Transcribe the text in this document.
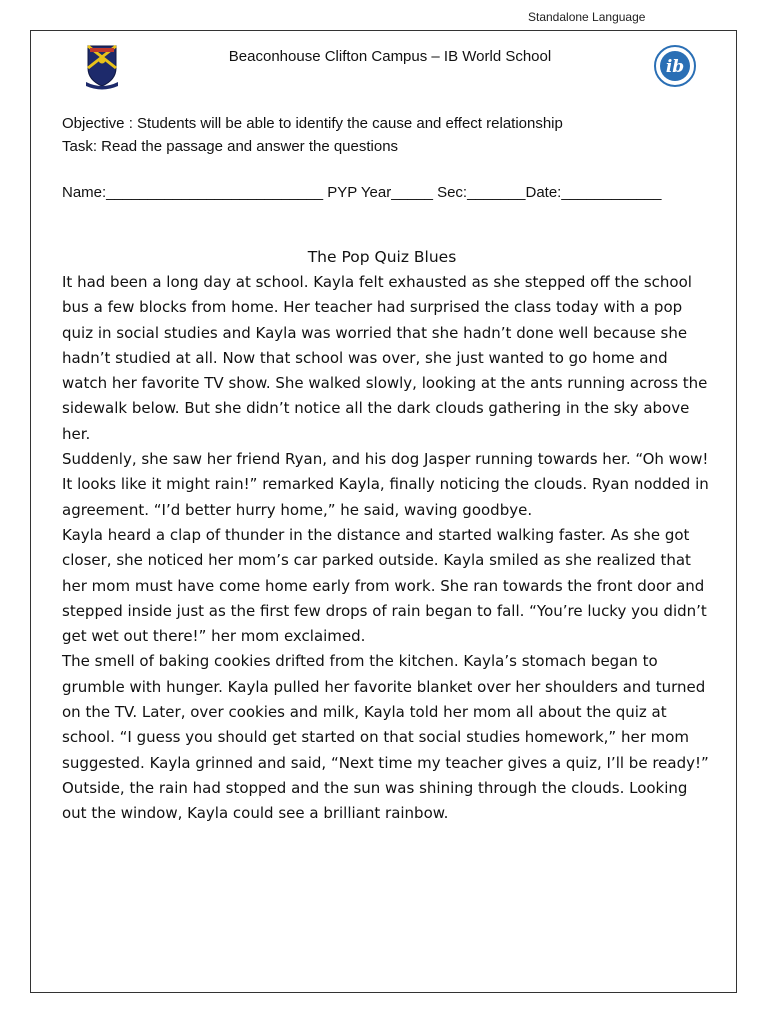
Standalone Language
Beaconhouse Clifton Campus – IB World School
ib
Objective : Students will be able to identify the cause and effect relationship
Task: Read the passage and answer the questions
Name:__________________________ PYP Year_____ Sec:_______Date:____________
The Pop Quiz Blues

It had been a long day at school. Kayla felt exhausted as she stepped off the school bus a few blocks from home. Her teacher had surprised the class today with a pop quiz in social studies and Kayla was worried that she hadn’t done well because she hadn’t studied at all. Now that school was over, she just wanted to go home and watch her favorite TV show. She walked slowly, looking at the ants running across the sidewalk below. But she didn’t notice all the dark clouds gathering in the sky above her.

Suddenly, she saw her friend Ryan, and his dog Jasper running towards her. “Oh wow! It looks like it might rain!” remarked Kayla, finally noticing the clouds. Ryan nodded in agreement. “I’d better hurry home,” he said, waving goodbye.

Kayla heard a clap of thunder in the distance and started walking faster. As she got closer, she noticed her mom’s car parked outside. Kayla smiled as she realized that her mom must have come home early from work. She ran towards the front door and stepped inside just as the first few drops of rain began to fall. “You’re lucky you didn’t get wet out there!” her mom exclaimed.

The smell of baking cookies drifted from the kitchen. Kayla’s stomach began to grumble with hunger. Kayla pulled her favorite blanket over her shoulders and turned on the TV. Later, over cookies and milk, Kayla told her mom all about the quiz at school. “I guess you should get started on that social studies homework,” her mom suggested. Kayla grinned and said, “Next time my teacher gives a quiz, I’ll be ready!” Outside, the rain had stopped and the sun was shining through the clouds. Looking out the window, Kayla could see a brilliant rainbow.
